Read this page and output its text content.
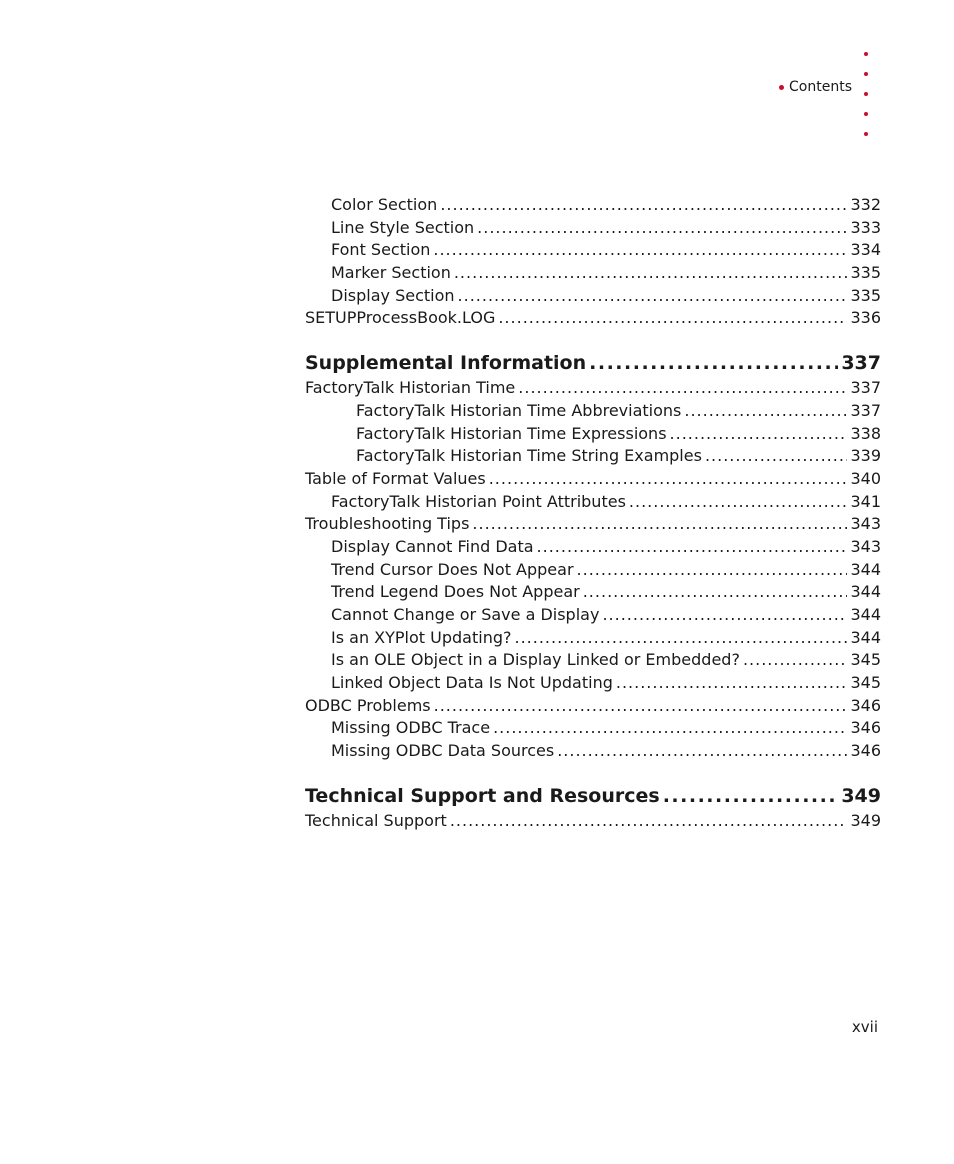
Contents
Color Section .....	332
Line Style Section .....	333
Font Section .....	334
Marker Section .....	335
Display Section .....	335
SETUPProcessBook.LOG .....	336
Supplemental Information .....	337
FactoryTalk Historian Time .....	337
FactoryTalk Historian Time Abbreviations .....	337
FactoryTalk Historian Time Expressions .....	338
FactoryTalk Historian Time String Examples .....	339
Table of Format Values .....	340
FactoryTalk Historian Point Attributes .....	341
Troubleshooting Tips .....	343
Display Cannot Find Data .....	343
Trend Cursor Does Not Appear .....	344
Trend Legend Does Not Appear .....	344
Cannot Change or Save a Display .....	344
Is an XYPlot Updating? .....	344
Is an OLE Object in a Display Linked or Embedded? .....	345
Linked Object Data Is Not Updating .....	345
ODBC Problems .....	346
Missing ODBC Trace .....	346
Missing ODBC Data Sources .....	346
Technical Support and Resources .....	349
Technical Support .....	349
xvii
